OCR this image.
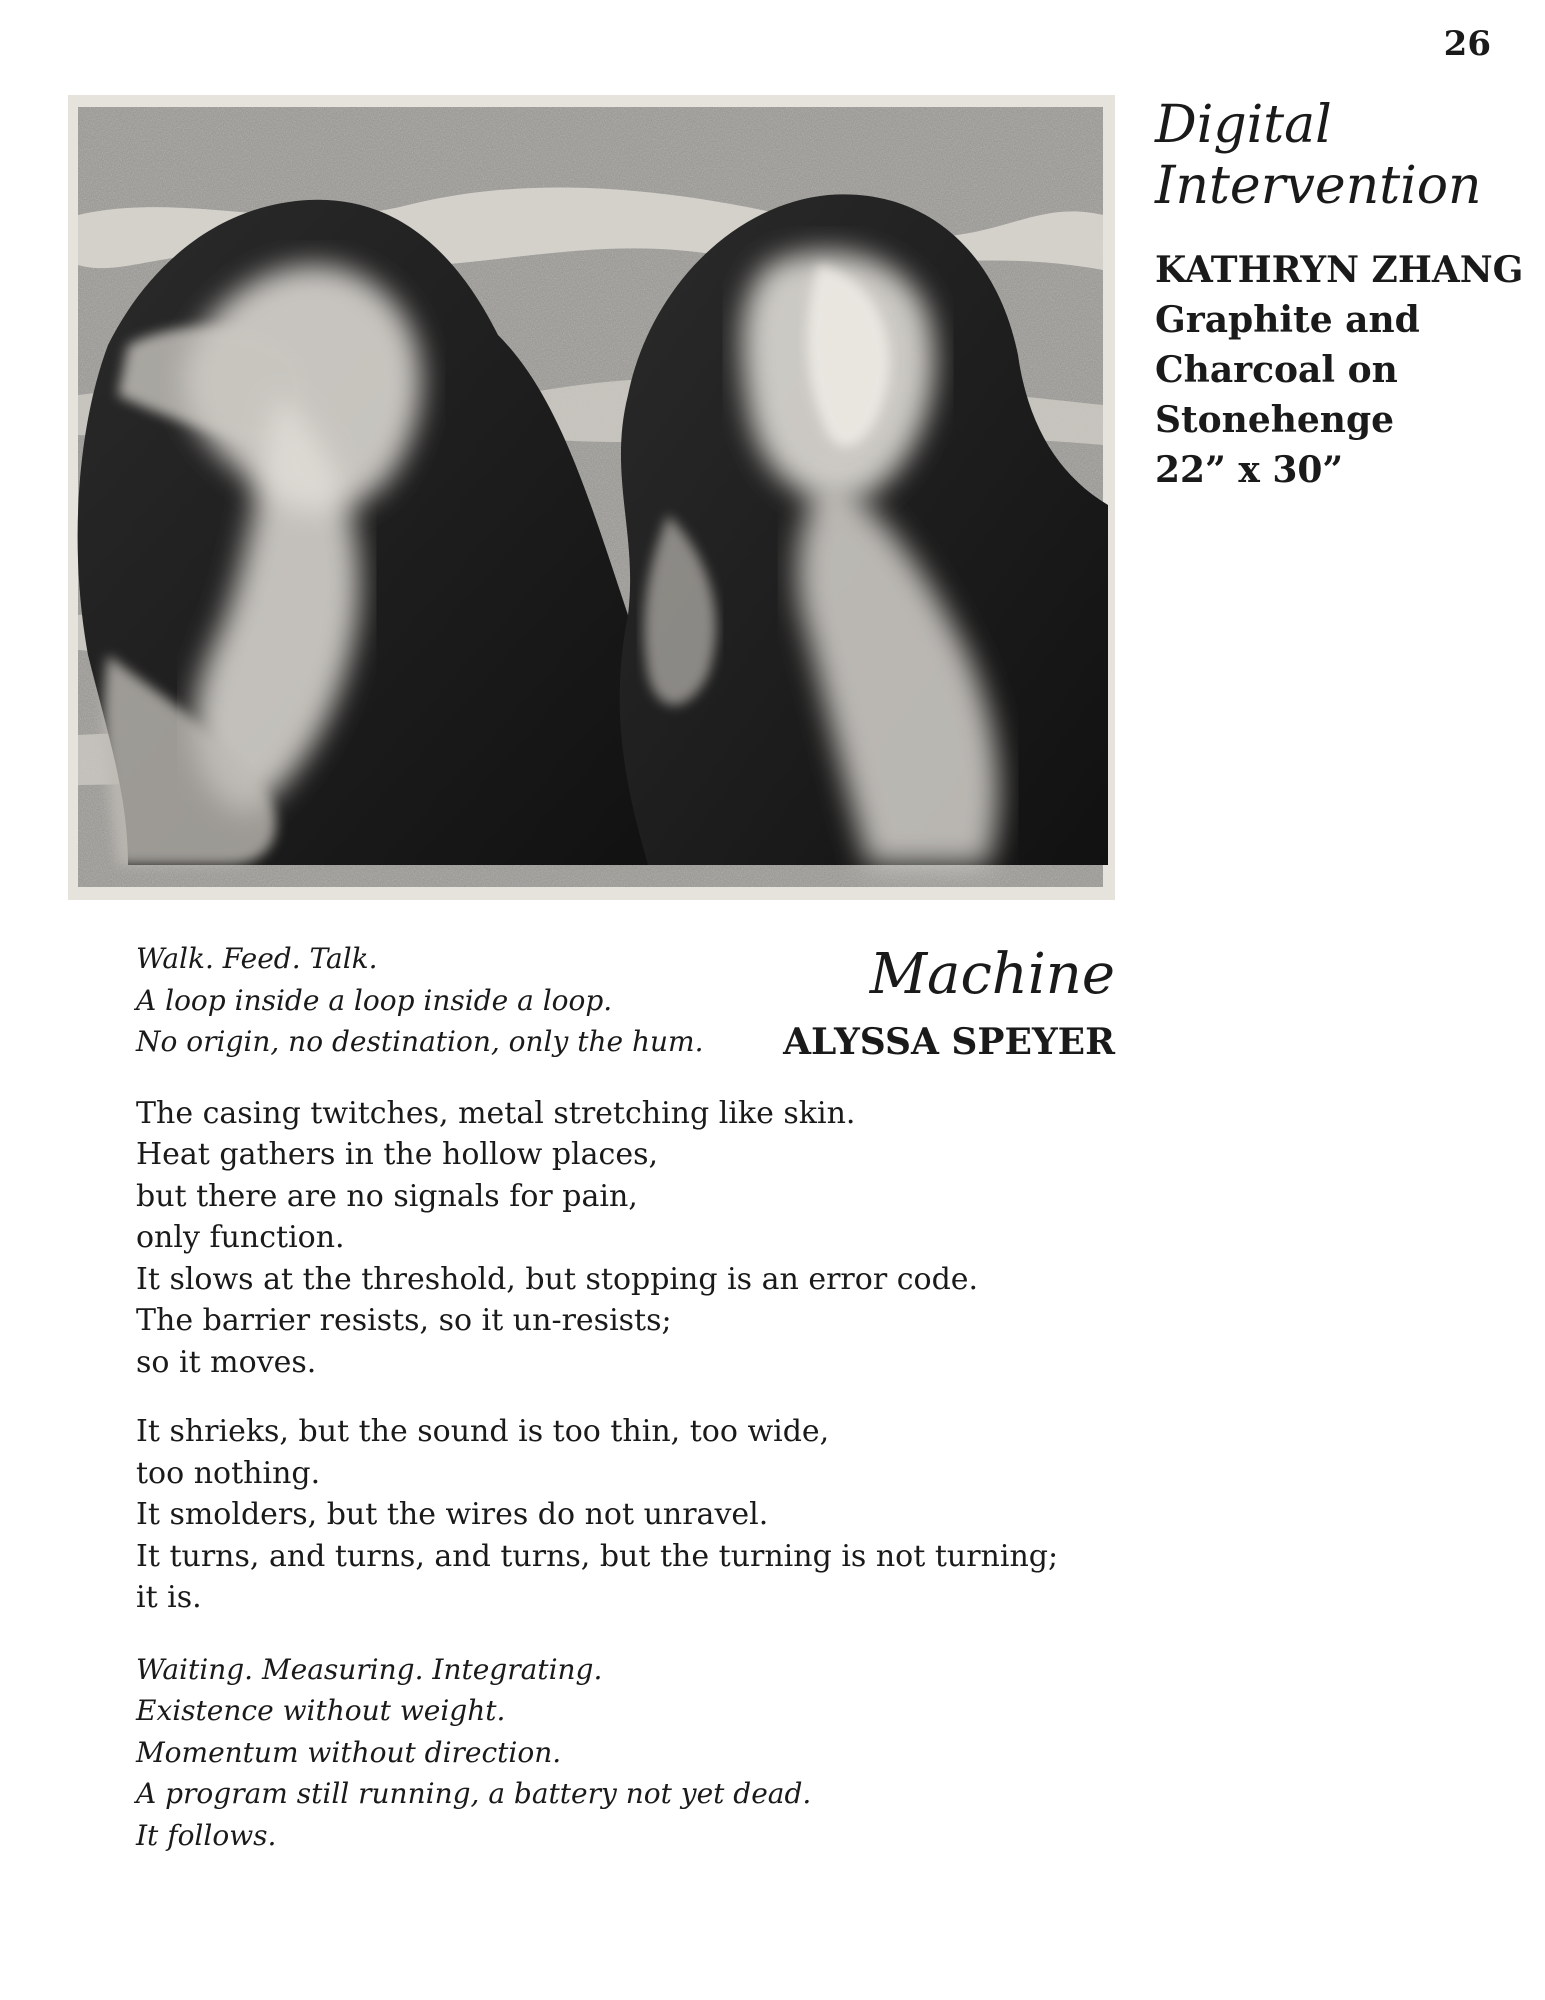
26
Digital Intervention
KATHRYN ZHANG
Graphite and
Charcoal on
Stonehenge
22” x 30”
Machine
ALYSSA SPEYER

Walk. Feed. Talk.
A loop inside a loop inside a loop.
No origin, no destination, only the hum.

The casing twitches, metal stretching like skin.
Heat gathers in the hollow places,
but there are no signals for pain,
only function.
It slows at the threshold, but stopping is an error code.
The barrier resists, so it un-resists;
so it moves.

It shrieks, but the sound is too thin, too wide,
too nothing.
It smolders, but the wires do not unravel.
It turns, and turns, and turns, but the turning is not turning;
it is.

Waiting. Measuring. Integrating.
Existence without weight.
Momentum without direction.
A program still running, a battery not yet dead.
It follows.
